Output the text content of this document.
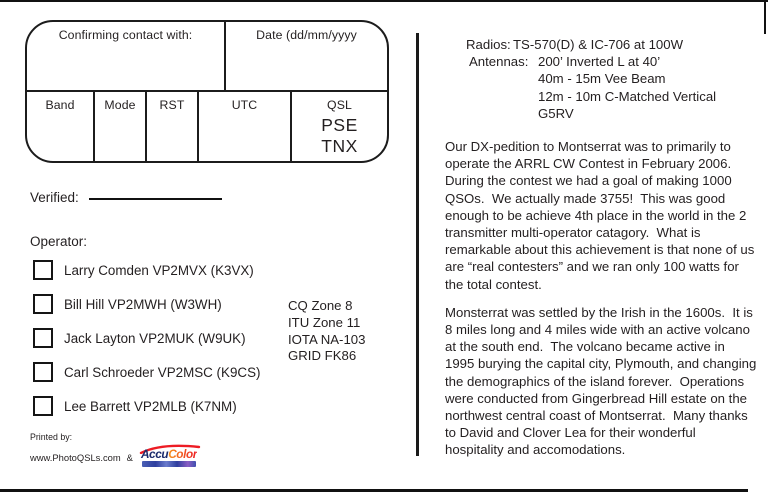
Confirming contact with:	Date (dd/mm/yyyy
Band	Mode	RST	UTC	QSL
PSE
TNX
Verified:
Operator:
Larry Comden VP2MVX (K3VX)
Bill Hill VP2MWH (W3WH)
Jack Layton VP2MUK (W9UK)
Carl Schroeder VP2MSC (K9CS)
Lee Barrett VP2MLB (K7NM)
CQ Zone 8
ITU Zone 11
IOTA NA-103
GRID FK86
Printed by:
www.PhotoQSLs.com & AccuColor
Radios: TS-570(D) & IC-706 at 100W
Antennas: 200’ Inverted L at 40’
40m - 15m Vee Beam
12m - 10m C-Matched Vertical
G5RV

Our DX-pedition to Montserrat was to primarily to operate the ARRL CW Contest in February 2006.  During the contest we had a goal of making 1000 QSOs.  We actually made 3755!  This was good enough to be achieve 4th place in the world in the 2 transmitter multi-operator catagory.  What is remarkable about this achievement is that none of us are “real contesters” and we ran only 100 watts for the total contest.

Monsterrat was settled by the Irish in the 1600s.  It is 8 miles long and 4 miles wide with an active volcano at the south end.  The volcano became active in 1995 burying the capital city, Plymouth, and changing the demographics of the island forever.  Operations were conducted from Gingerbread Hill estate on the northwest central coast of Montserrat.  Many thanks to David and Clover Lea for their wonderful hospitality and accomodations.
